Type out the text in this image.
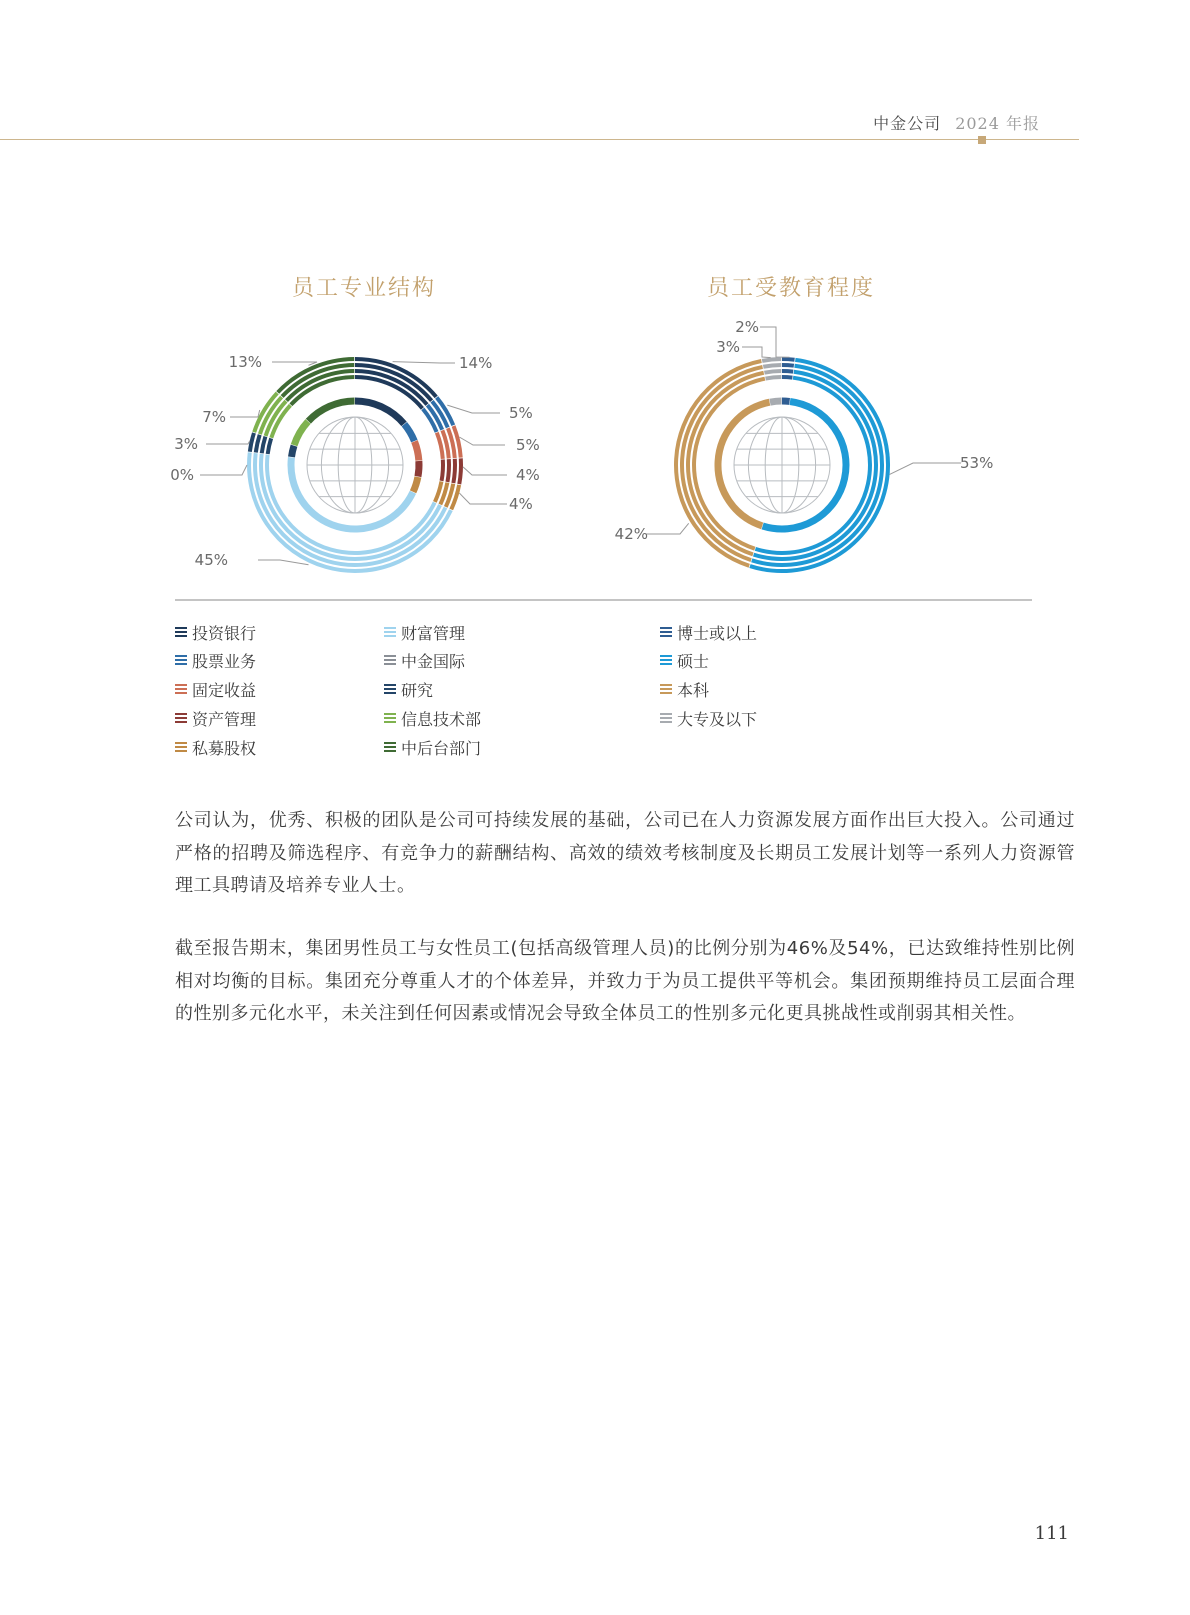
中金公司 2024 年报
员工专业结构	员工受教育程度
14%
5%
5%
4%
4%
45%
0%
3%
7%
13%
2%
53%
42%
3%
投资银行
股票业务
固定收益
资产管理
私募股权
财富管理
中金国际
研究
信息技术部
中后台部门
博士或以上
硕士
本科
大专及以下

公司认为，优秀、积极的团队是公司可持续发展的基础，公司已在人力资源发展方面作出巨大投入。公司通过严格的招聘及筛选程序、有竞争力的薪酬结构、高效的绩效考核制度及长期员工发展计划等一系列人力资源管理工具聘请及培养专业人士。

截至报告期末，集团男性员工与女性员工(包括高级管理人员)的比例分别为46%及54%，已达致维持性别比例相对均衡的目标。集团充分尊重人才的个体差异，并致力于为员工提供平等机会。集团预期维持员工层面合理的性别多元化水平，未关注到任何因素或情况会导致全体员工的性别多元化更具挑战性或削弱其相关性。

111
